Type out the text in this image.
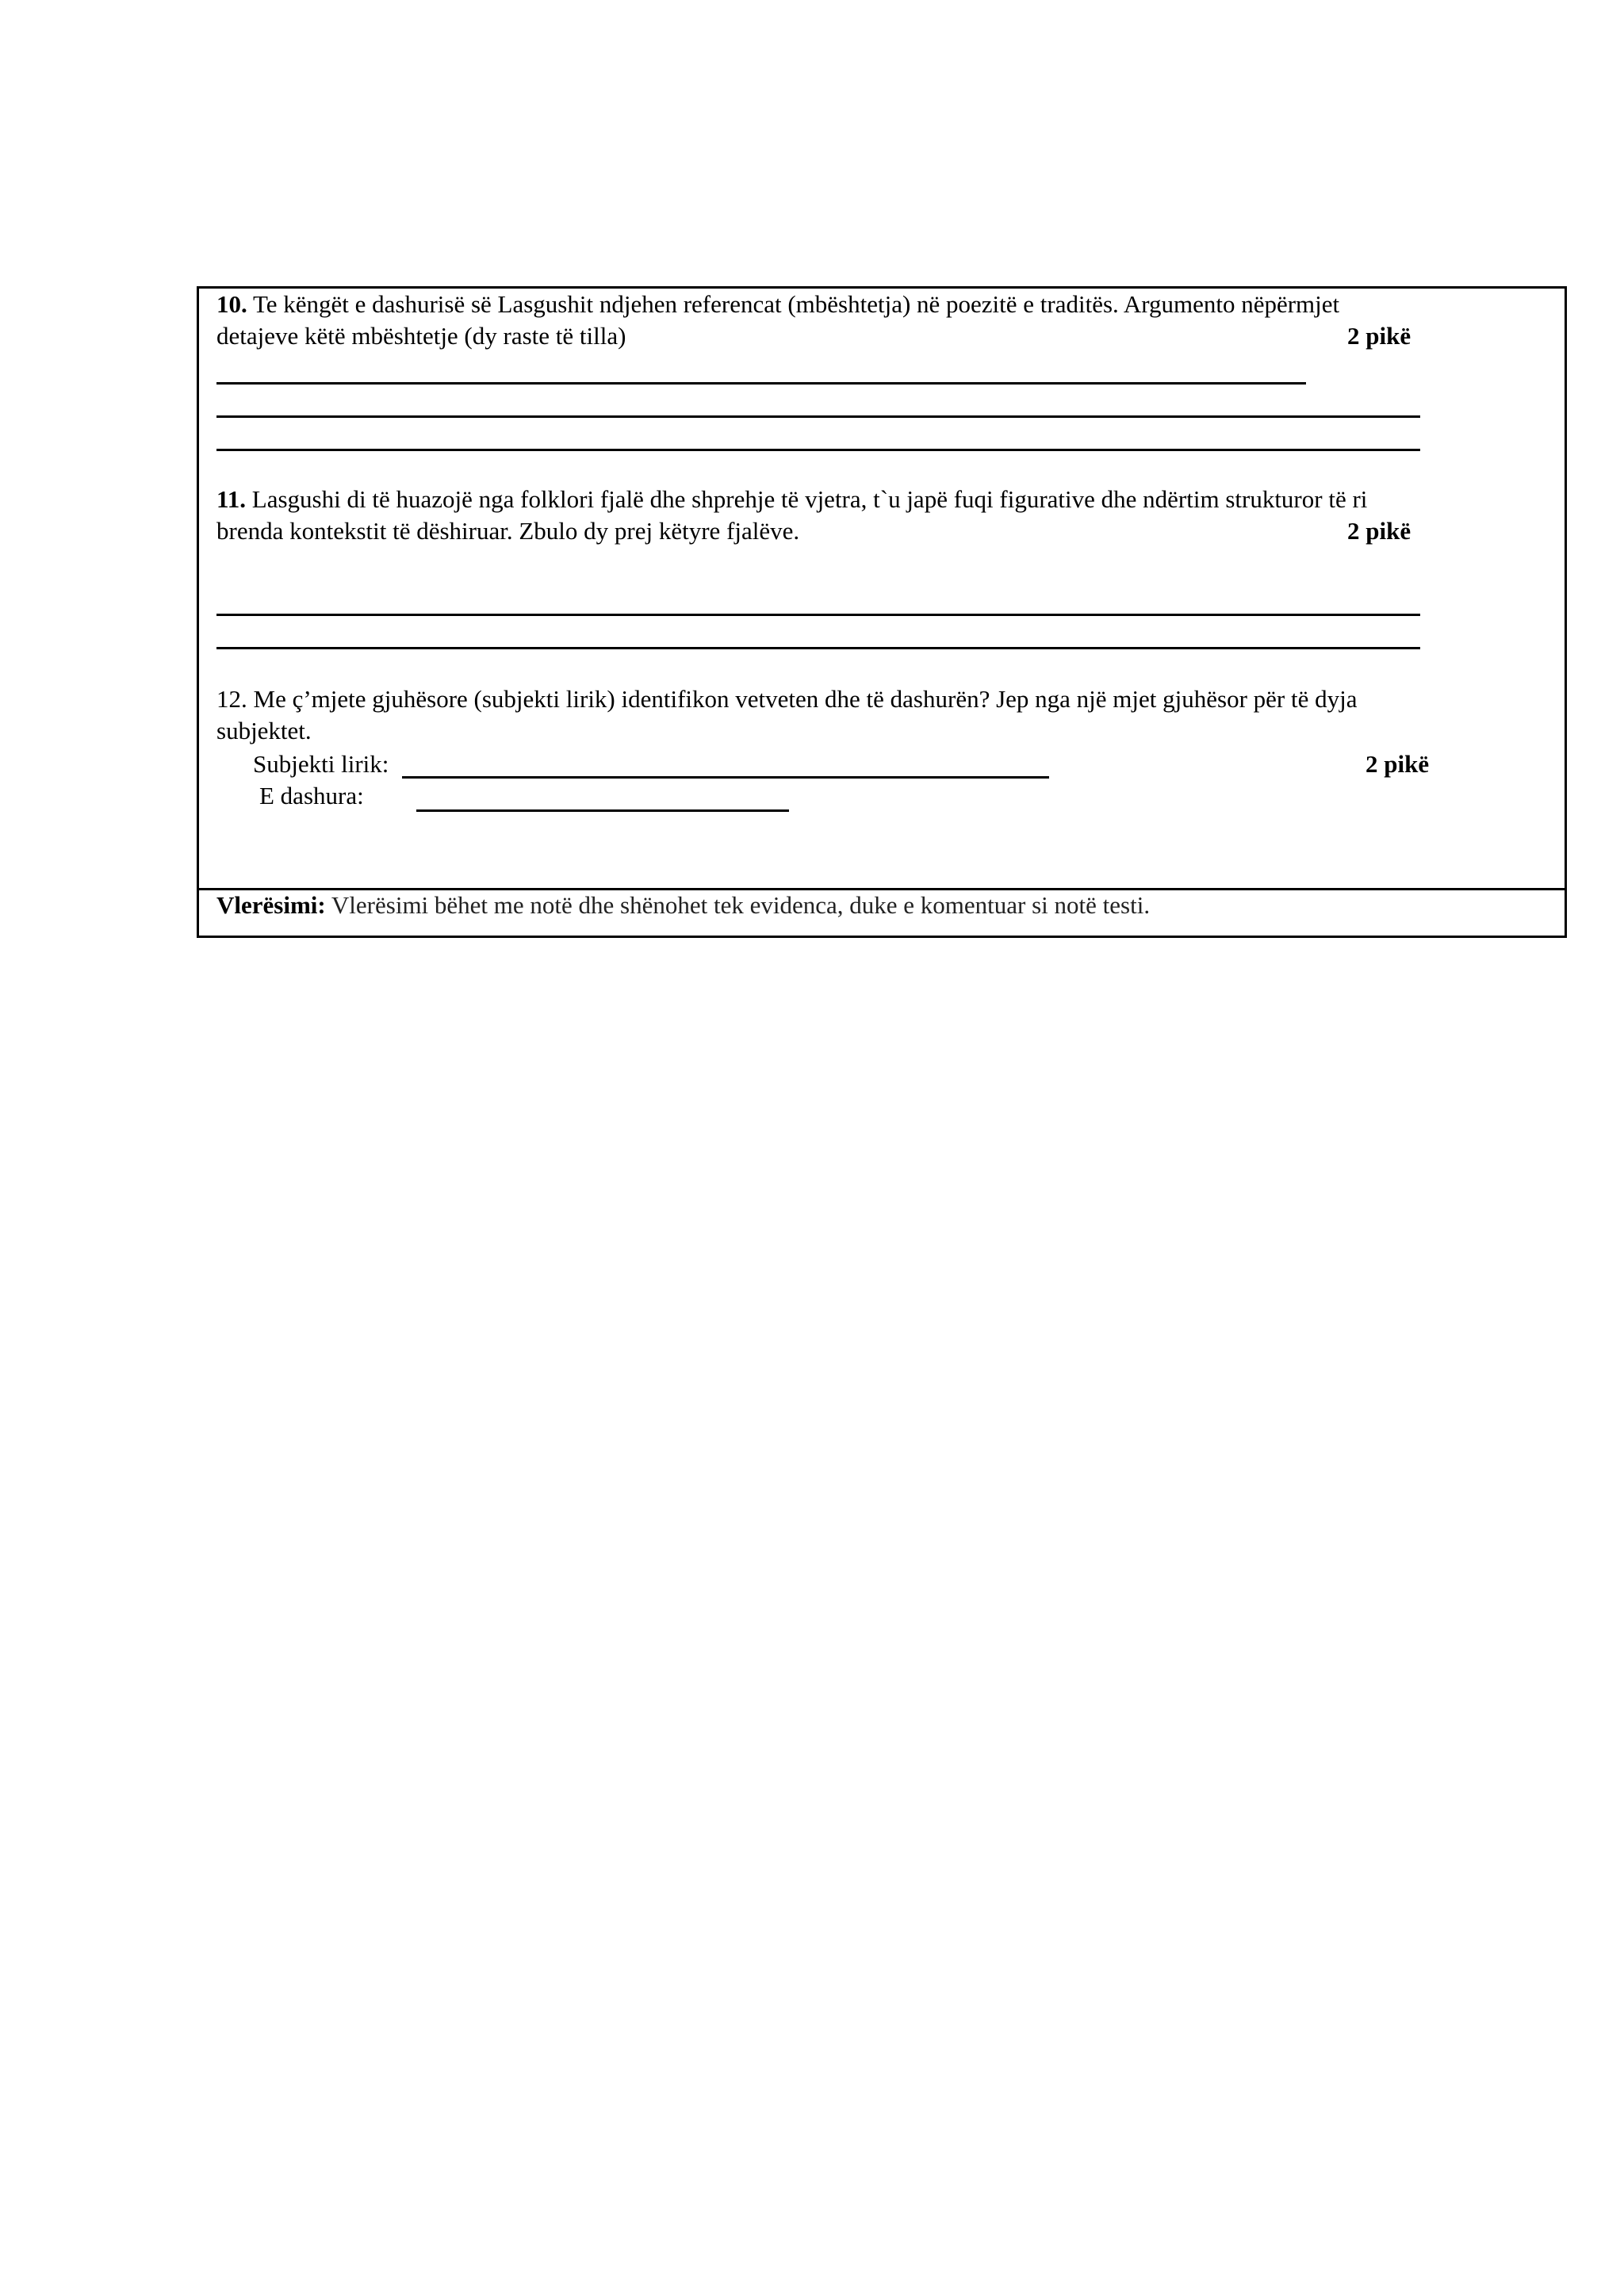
10. Te këngët e dashurisë së Lasgushit ndjehen referencat (mbështetja) në poezitë e traditës. Argumento nëpërmjet
detajeve këtë mbështetje (dy raste të tilla)	2 pikë
11. Lasgushi di të huazojë nga folklori fjalë dhe shprehje të vjetra, t`u japë fuqi figurative dhe ndërtim strukturor të ri
brenda kontekstit të dëshiruar. Zbulo dy prej këtyre fjalëve.	2 pikë
12. Me ç’mjete gjuhësore (subjekti lirik) identifikon vetveten dhe të dashurën? Jep nga një mjet gjuhësor për të dyja
subjektet.
Subjekti lirik:	2 pikë
E dashura:
Vlerësimi: Vlerësimi bëhet me notë dhe shënohet tek evidenca, duke e komentuar si notë testi.
